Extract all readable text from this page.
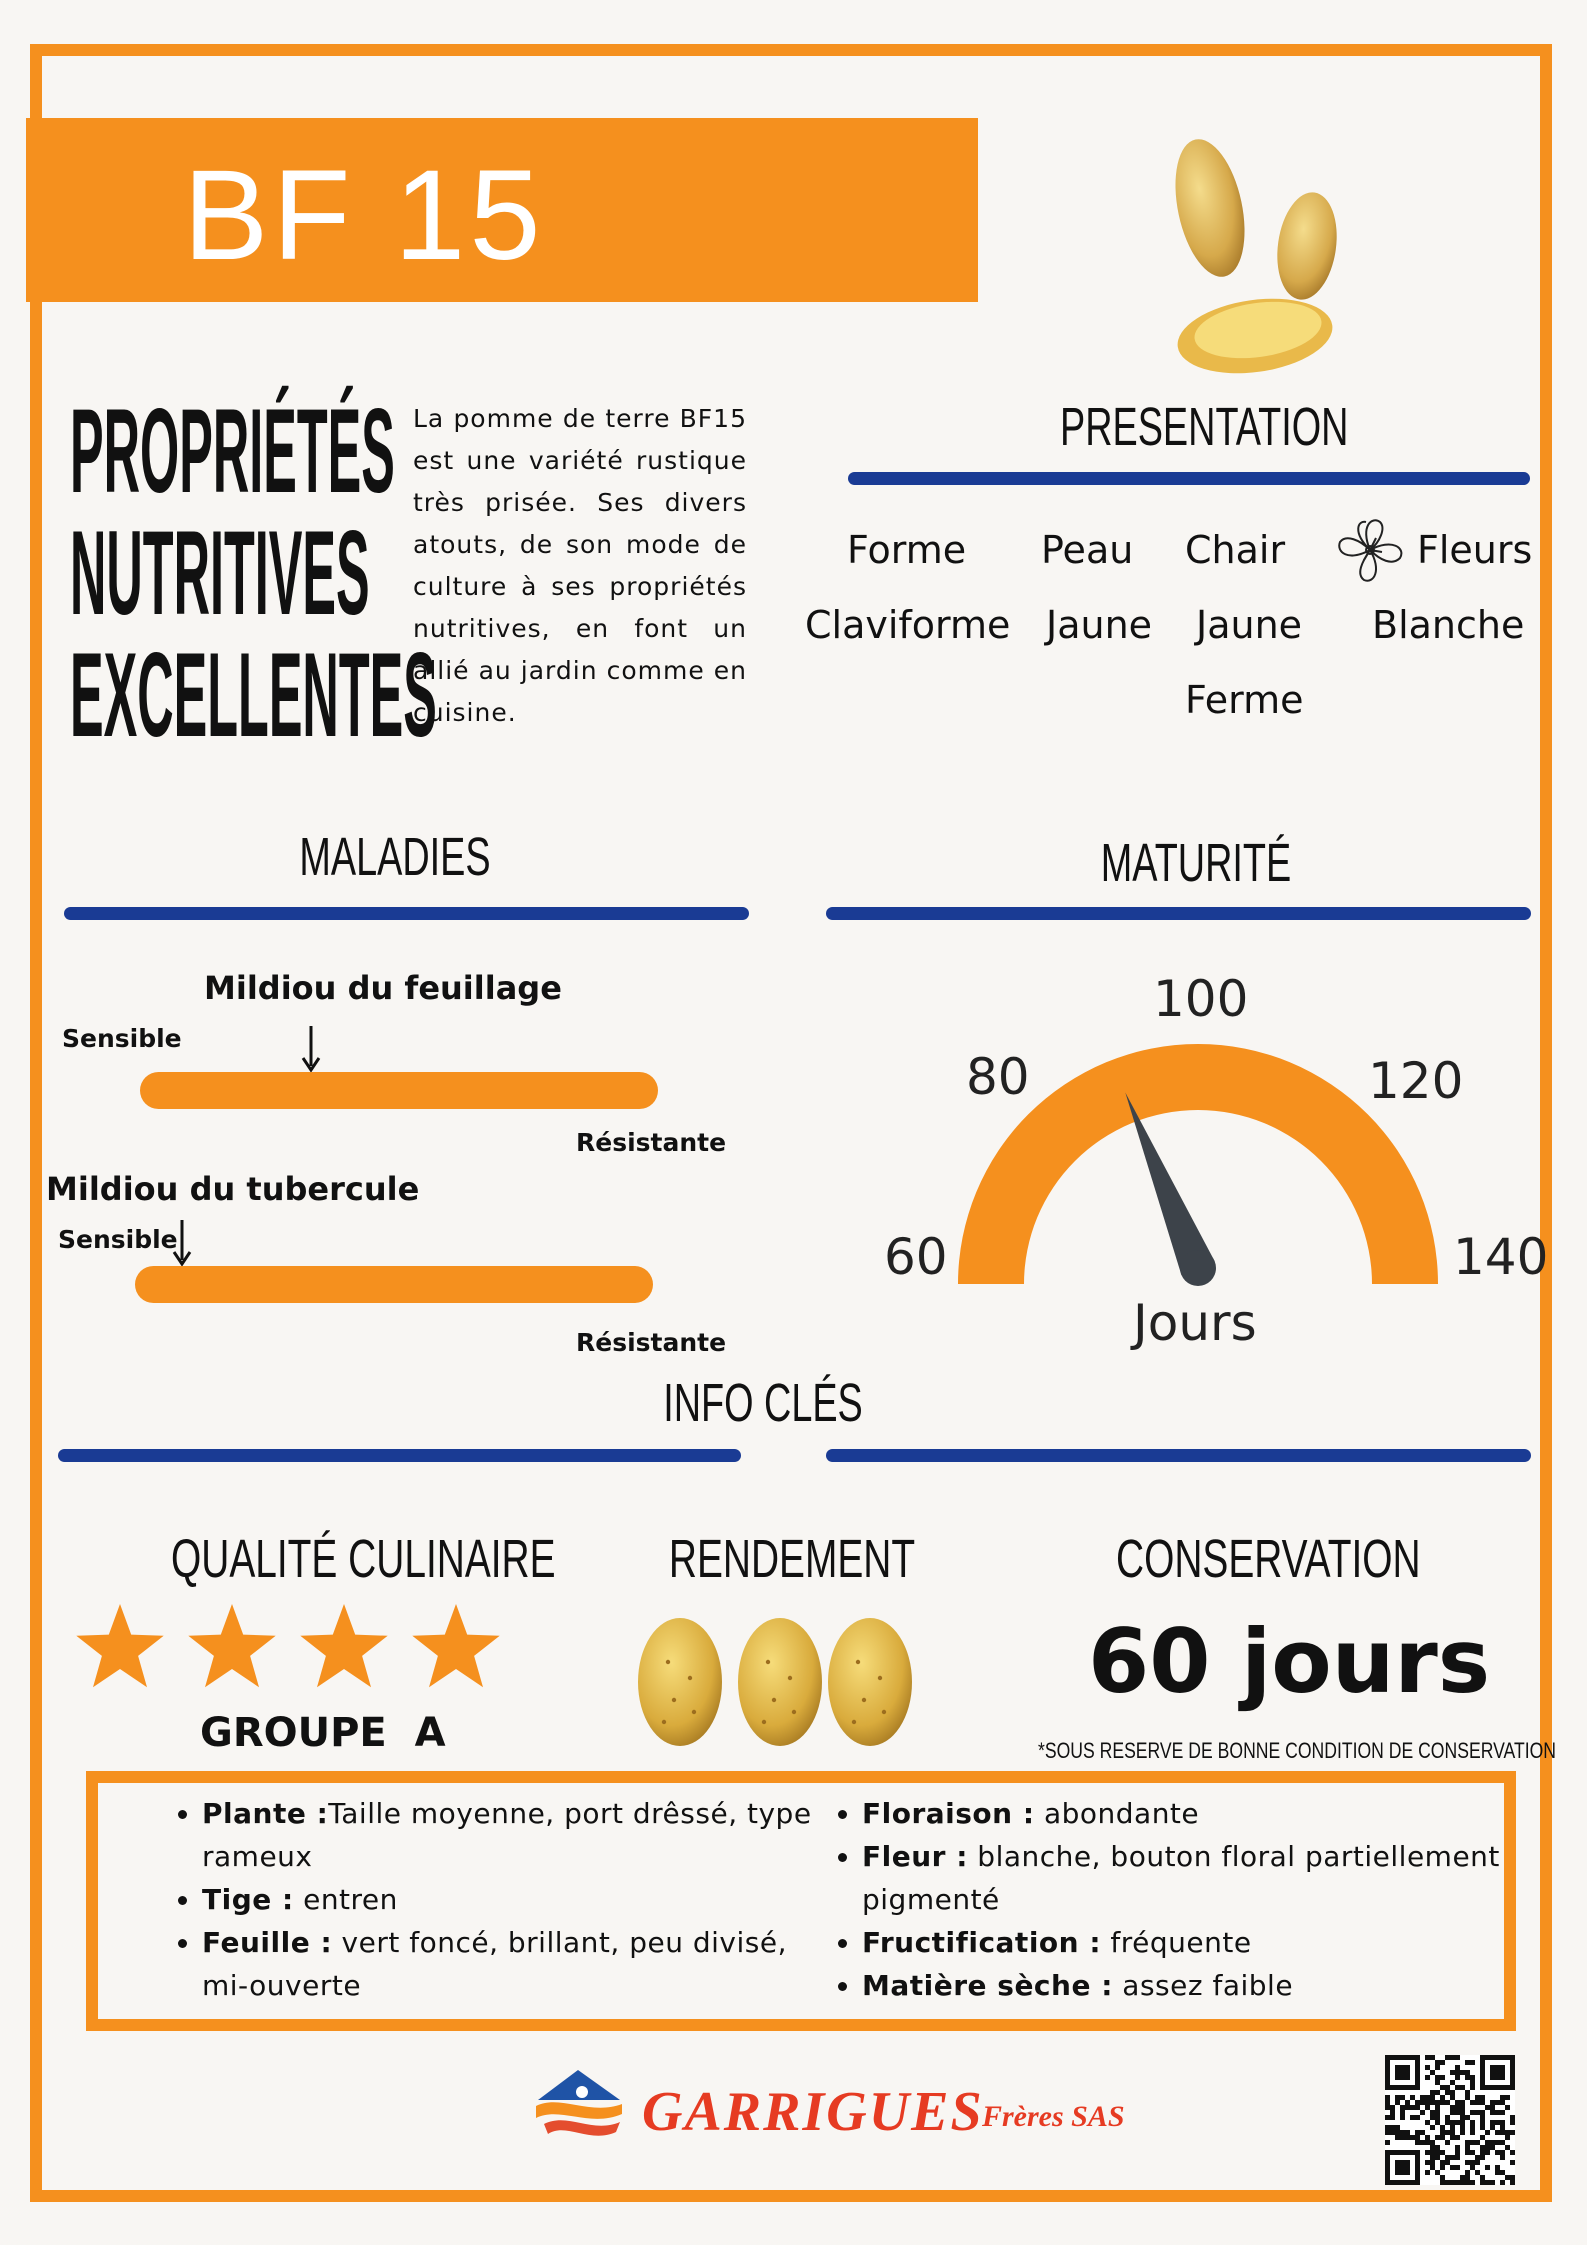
BF 15
PROPRIÉTÉS
NUTRITIVES
EXCELLENTES
La pomme de terre BF15 est une variété rustique très prisée. Ses divers atouts, de son mode de culture à ses propriétés nutritives, en font un allié au jardin comme en cuisine.
PRESENTATION
Forme
Claviforme
Peau
Jaune
Chair
Jaune
Ferme
Fleurs
Blanche
MALADIES
Mildiou du feuillage
Sensible
Résistante
Mildiou du tubercule
Sensible
Résistante
MATURITÉ
60
80
100
120
140
Jours
INFO CLÉS
QUALITÉ CULINAIRE
GROUPE  A
RENDEMENT	CONSERVATION
60 jours
*SOUS RESERVE DE BONNE CONDITION DE CONSERVATION
• Plante :Taille moyenne, port drêssé, type rameux
• Tige : entren
• Feuille : vert foncé, brillant, peu divisé, mi-ouverte
• Floraison : abondante
• Fleur : blanche, bouton floral partiellement pigmenté
• Fructification : fréquente
• Matière sèche : assez faible
GARRIGUES
Frères SAS
